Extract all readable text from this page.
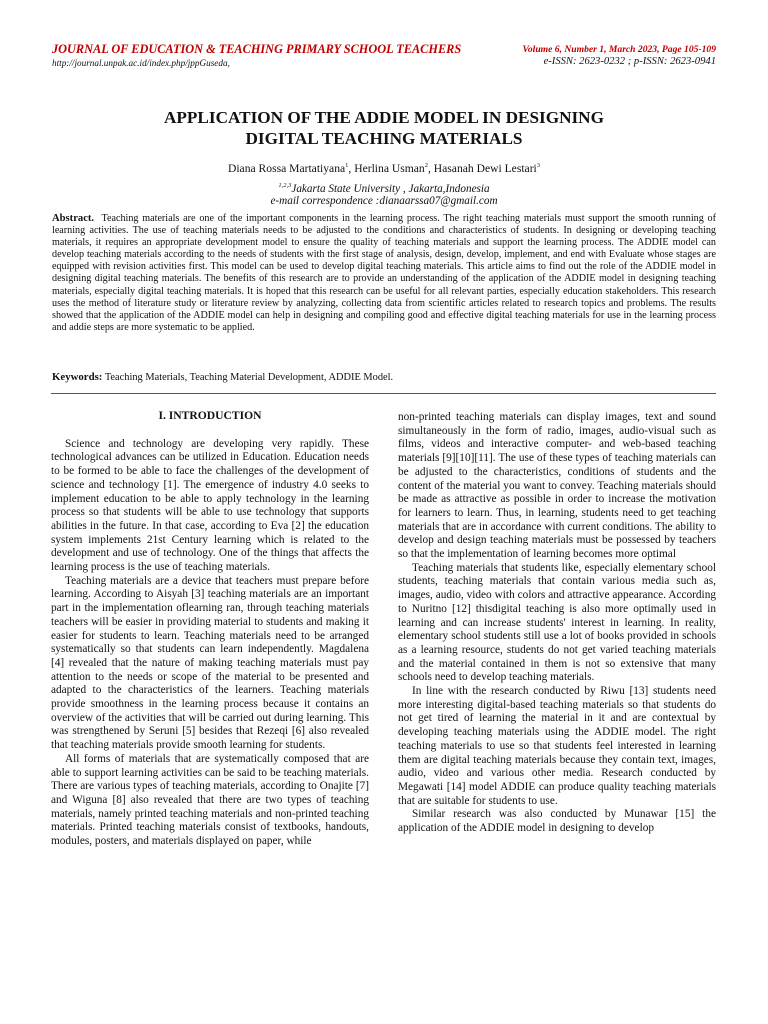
JOURNAL OF EDUCATION & TEACHING PRIMARY SCHOOL TEACHERS
http://journal.unpak.ac.id/index.php/jppGuseda,
Volume 6, Number 1, March 2023, Page 105-109
e-ISSN: 2623-0232 ; p-ISSN: 2623-0941
APPLICATION OF THE ADDIE MODEL IN DESIGNING
DIGITAL TEACHING MATERIALS
Diana Rossa Martatiyana$^1$, Herlina Usman$^2$, Hasanah Dewi Lestari$^3$
$^{1,2,3}$Jakarta State University , Jakarta,Indonesia
e-mail correspondence :dianaarssa07@gmail.com
Abstract. Teaching materials are one of the important components in the learning process. The right teaching materials must support the smooth running of learning activities. The use of teaching materials needs to be adjusted to the conditions and characteristics of students. In designing or developing teaching materials, it requires an appropriate development model to ensure the quality of teaching materials and support the learning process. The ADDIE model can develop teaching materials according to the needs of students with the first stage of analysis, design, develop, implement, and end with Evaluate whose stages are equipped with revision activities first. This model can be used to develop digital teaching materials. This article aims to find out the role of the ADDIE model in designing digital teaching materials. The benefits of this research are to provide an understanding of the application of the ADDIE model in designing teaching materials, especially digital teaching materials. It is hoped that this research can be useful for all relevant parties, especially education stakeholders. This research uses the method of literature study or literature review by analyzing, collecting data from scientific articles related to research topics and problems. The results showed that the application of the ADDIE model can help in designing and compiling good and effective digital teaching materials for use in the learning process and addie steps are more systematic to be applied.
Keywords: Teaching Materials, Teaching Material Development, ADDIE Model.
I. INTRODUCTION

Science and technology are developing very rapidly. These technological advances can be utilized in Education. Education needs to be formed to be able to face the challenges of the development of science and technology [1]. The emergence of industry 4.0 seeks to implement education to be able to apply technology in the learning process so that students will be able to use technology that supports abilities in the future. In that case, according to Eva [2] the education system implements 21st Century learning which is related to the development and use of technology. One of the things that affects the learning process is the use of teaching materials.

Teaching materials are a device that teachers must prepare before learning. According to Aisyah [3] teaching materials are an important part in the implementation oflearning ran, through teaching materials teachers will be easier in providing material to students and making it easier for students to learn. Teaching materials need to be arranged systematically so that students can learn independently. Magdalena [4] revealed that the nature of making teaching materials must pay attention to the needs or scope of the material to be presented and adapted to the characteristics of the learners. Teaching materials provide smoothness in the learning process because it contains an overview of the activities that will be carried out during learning. This was strengthened by Seruni [5] besides that Rezeqi [6] also revealed that teaching materials provide smooth learning for students.

All forms of materials that are systematically composed that are able to support learning activities can be said to be teaching materials. There are various types of teaching materials, according to Onajite [7] and Wiguna [8] also revealed that there are two types of teaching materials, namely printed teaching materials and non-printed teaching materials. Printed teaching materials consist of textbooks, handouts, modules, posters, and materials displayed on paper, while

non-printed teaching materials can display images, text and sound simultaneously in the form of radio, images, audio-visual such as films, videos and interactive computer- and web-based teaching materials [9][10][11]. The use of these types of teaching materials can be adjusted to the characteristics, conditions of students and the content of the material you want to convey. Teaching materials should be made as attractive as possible in order to increase the motivation for learners to learn. Thus, in learning, students need to get teaching materials that are in accordance with current conditions. The ability to develop and design teaching materials must be possessed by teachers so that the implementation of learning becomes more optimal

Teaching materials that students like, especially elementary school students, teaching materials that contain various media such as, images, audio, video with colors and attractive appearance. According to Nuritno [12] thisdigital teaching is also more optimally used in learning and can increase students' interest in learning. In reality, elementary school students still use a lot of books provided in schools as a learning resource, students do not get varied teaching materials and the material contained in them is not so extensive that many schools need to develop teaching materials.

In line with the research conducted by Riwu [13] students need more interesting digital-based teaching materials so that students do not get tired of learning the material in it and are contextual by developing teaching materials using the ADDIE model. The right teaching materials to use so that students feel interested in learning them are digital teaching materials because they contain text, images, audio, video and various other media. Research conducted by Megawati [14] model ADDIE can produce quality teaching materials that are suitable for students to use.

Similar research was also conducted by Munawar [15] the application of the ADDIE model in designing to develop
